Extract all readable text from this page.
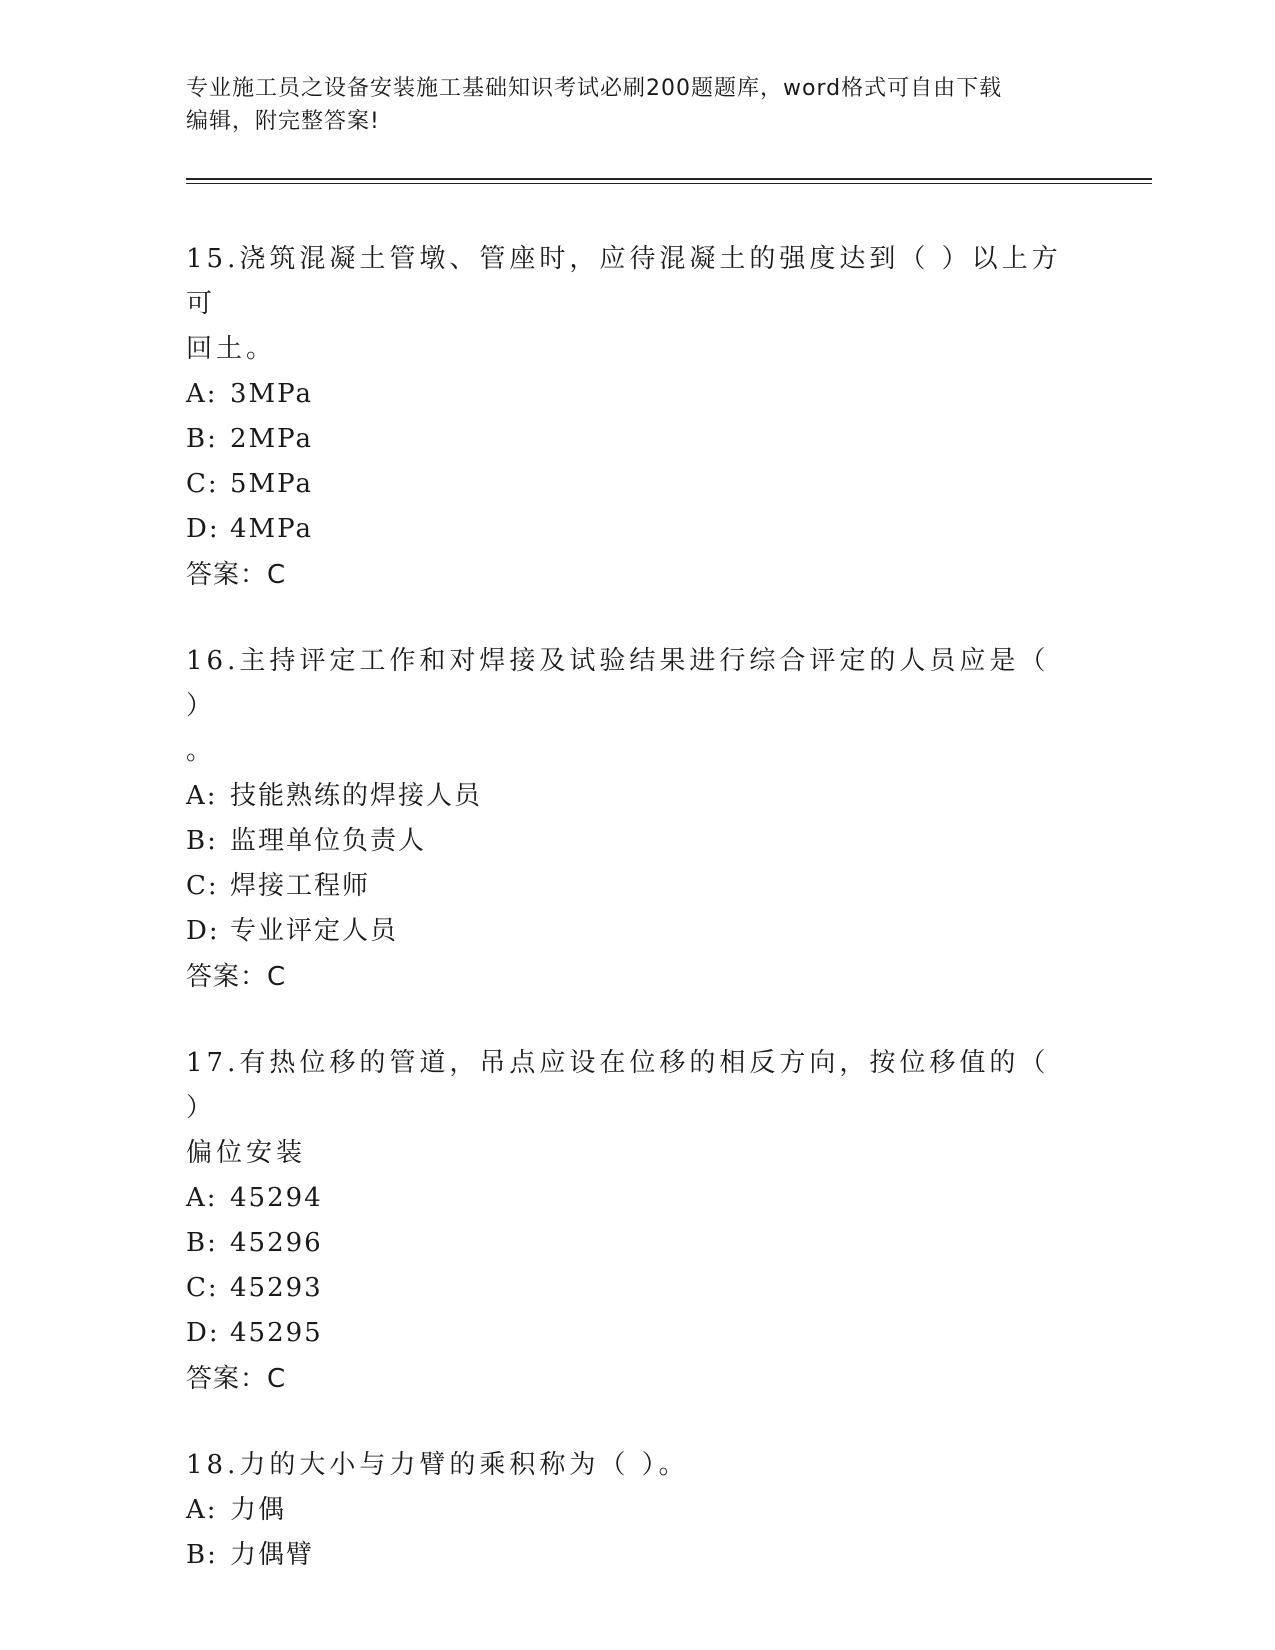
专业施工员之设备安装施工基础知识考试必刷200题题库，word格式可自由下载
编辑，附完整答案!
15.浇筑混凝土管墩、管座时，应待混凝土的强度达到（ ）以上方可
回土。
A: 3MPa
B: 2MPa
C: 5MPa
D: 4MPa
答案：C
16.主持评定工作和对焊接及试验结果进行综合评定的人员应是（ ）
。
A: 技能熟练的焊接人员
B: 监理单位负责人
C: 焊接工程师
D: 专业评定人员
答案：C
17.有热位移的管道，吊点应设在位移的相反方向，按位移值的（ ）
偏位安装
A: 45294
B: 45296
C: 45293
D: 45295
答案：C
18.力的大小与力臂的乘积称为（ ）。
A: 力偶
B: 力偶臂
